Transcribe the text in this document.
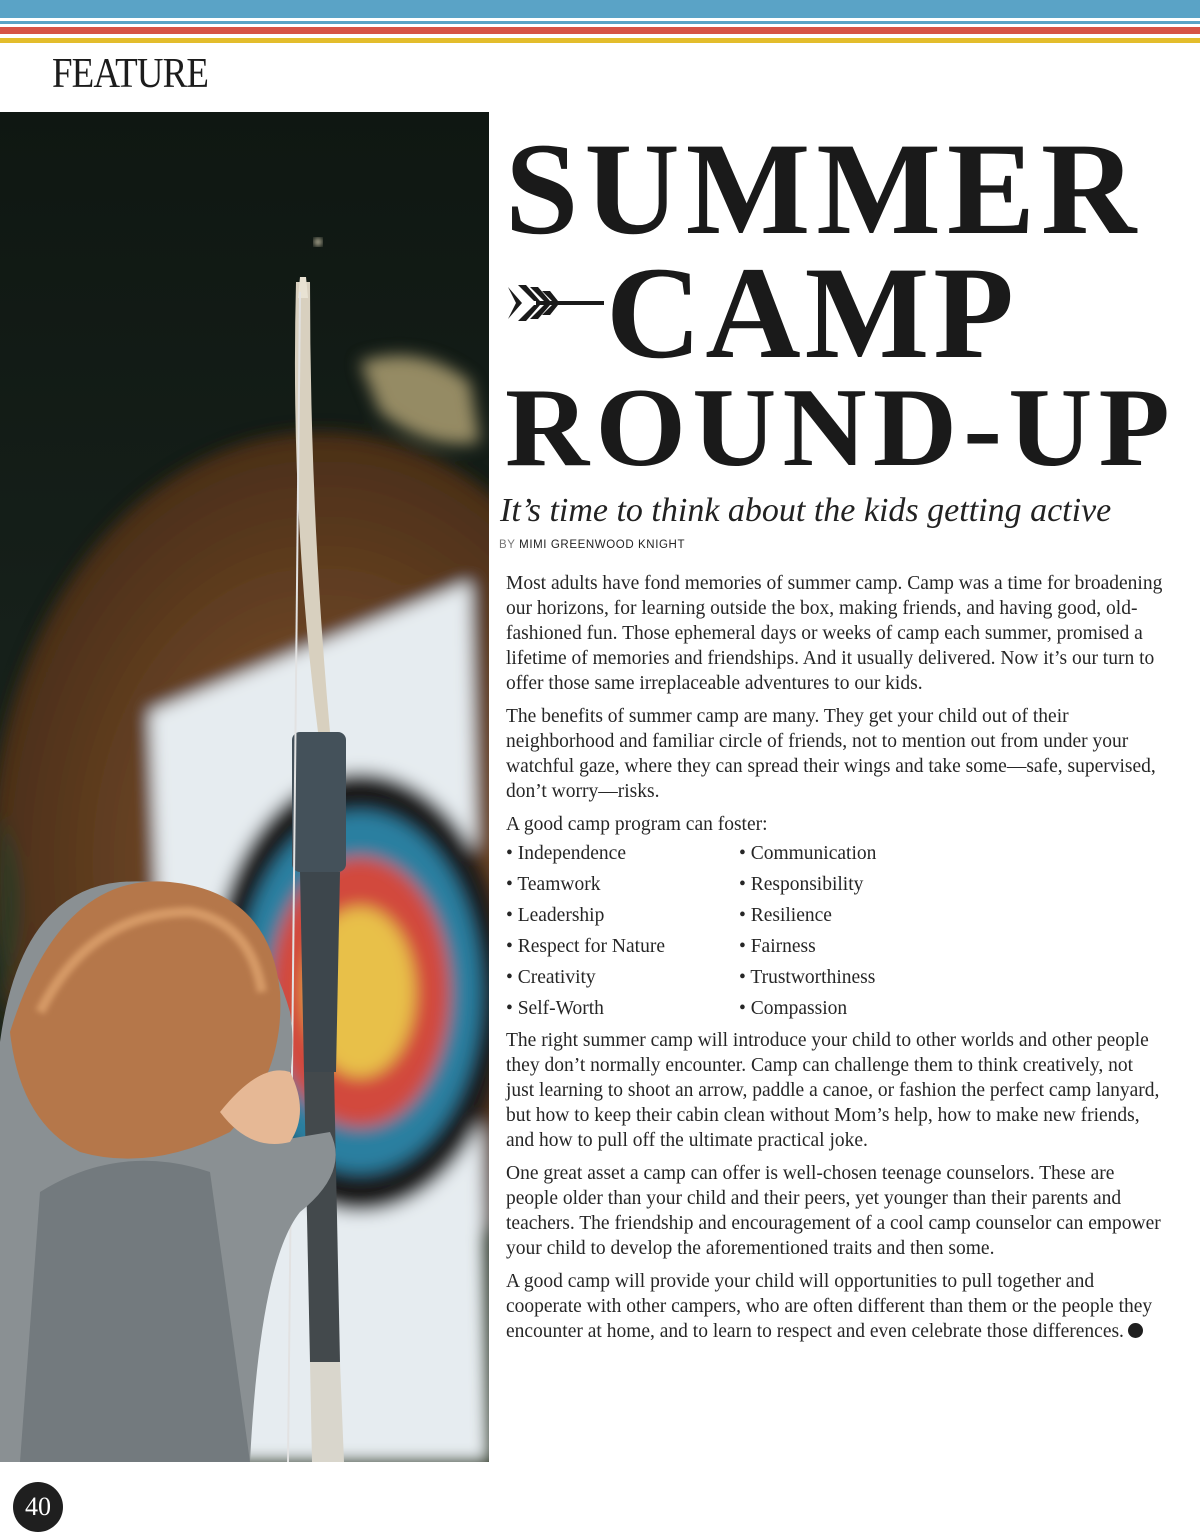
FEATURE
SUMMER
CAMP
ROUND-UP
It’s time to think about the kids getting active
BY MIMI GREENWOOD KNIGHT

Most adults have fond memories of summer camp. Camp was a time for broadening our horizons, for learning outside the box, making friends, and having good, old-fashioned fun. Those ephemeral days or weeks of camp each summer, promised a lifetime of memories and friendships. And it usually delivered. Now it’s our turn to offer those same irreplaceable adventures to our kids.

The benefits of summer camp are many. They get your child out of their neighborhood and familiar circle of friends, not to mention out from under your watchful gaze, where they can spread their wings and take some—safe, supervised, don’t worry—risks.

A good camp program can foster:

• Independence	• Communication
• Teamwork	• Responsibility
• Leadership	• Resilience
• Respect for Nature	• Fairness
• Creativity	• Trustworthiness
• Self-Worth	• Compassion

The right summer camp will introduce your child to other worlds and other people they don’t normally encounter. Camp can challenge them to think creatively, not just learning to shoot an arrow, paddle a canoe, or fashion the perfect camp lanyard, but how to keep their cabin clean without Mom’s help, how to make new friends, and how to pull off the ultimate practical joke.

One great asset a camp can offer is well-chosen teenage counselors. These are people older than your child and their peers, yet younger than their parents and teachers. The friendship and encouragement of a cool camp counselor can empower your child to develop the aforementioned traits and then some.

A good camp will provide your child will opportunities to pull together and cooperate with other campers, who are often different than them or the people they encounter at home, and to learn to respect and even celebrate those differences.

40
